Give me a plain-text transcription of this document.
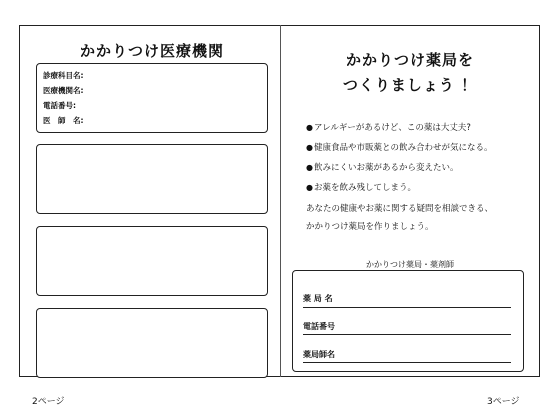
かかりつけ医療機関
診療科目名:
医療機関名:
電話番号:
医　師　名:
かかりつけ薬局を
つくりましょう ！
● アレルギーがあるけど、この薬は大丈夫?
● 健康食品や市販薬との飲み合わせが気になる。
● 飲みにくいお薬があるから変えたい。
● お薬を飲み残してしまう。
あなたの健康やお薬に関する疑問を相談できる、
かかりつけ薬局を作りましょう。
かかりつけ薬局・薬剤師
薬 局 名
電話番号
薬局師名
2ページ	3ページ
